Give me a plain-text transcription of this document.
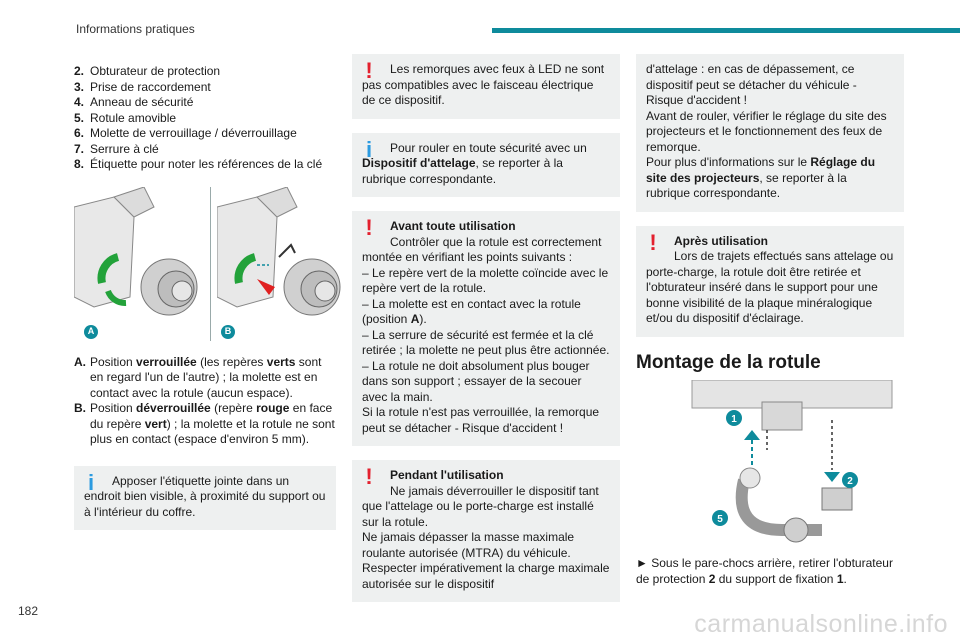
Informations pratiques
2. Obturateur de protection
3. Prise de raccordement
4. Anneau de sécurité
5. Rotule amovible
6. Molette de verrouillage / déverrouillage
7. Serrure à clé
8. Étiquette pour noter les références de la clé
A	B
A. Position verrouillée (les repères verts sont en regard l'un de l'autre) ; la molette est en contact avec la rotule (aucun espace).
B. Position déverrouillée (repère rouge en face du repère vert) ; la molette et la rotule ne sont plus en contact (espace d'environ 5 mm).
i	Apposer l'étiquette jointe dans un endroit bien visible, à proximité du support ou à l'intérieur du coffre.

!	Les remorques avec feux à LED ne sont pas compatibles avec le faisceau électrique de ce dispositif.

i	Pour rouler en toute sécurité avec un Dispositif d'attelage, se reporter à la rubrique correspondante.

!	Avant toute utilisation

Contrôler que la rotule est correctement montée en vérifiant les points suivants :

– Le repère vert de la molette coïncide avec le repère vert de la rotule.

– La molette est en contact avec la rotule (position A).

– La serrure de sécurité est fermée et la clé retirée ; la molette ne peut plus être actionnée.

– La rotule ne doit absolument plus bouger dans son support ; essayer de la secouer avec la main.

Si la rotule n'est pas verrouillée, la remorque peut se détacher - Risque d'accident !

!	Pendant l'utilisation

Ne jamais déverrouiller le dispositif tant que l'attelage ou le porte-charge est installé sur la rotule.

Ne jamais dépasser la masse maximale roulante autorisée (MTRA) du véhicule. Respecter impérativement la charge maximale autorisée sur le dispositif

d'attelage : en cas de dépassement, ce dispositif peut se détacher du véhicule - Risque d'accident !

Avant de rouler, vérifier le réglage du site des projecteurs et le fonctionnement des feux de remorque.

Pour plus d'informations sur le Réglage du site des projecteurs, se reporter à la rubrique correspondante.

!	Après utilisation

Lors de trajets effectués sans attelage ou porte-charge, la rotule doit être retirée et l'obturateur inséré dans le support pour une bonne visibilité de la plaque minéralogique et/ou du dispositif d'éclairage.

Montage de la rotule
1
2
5

► Sous le pare-chocs arrière, retirer l'obturateur de protection 2 du support de fixation 1.

182	carmanualsonline.info
